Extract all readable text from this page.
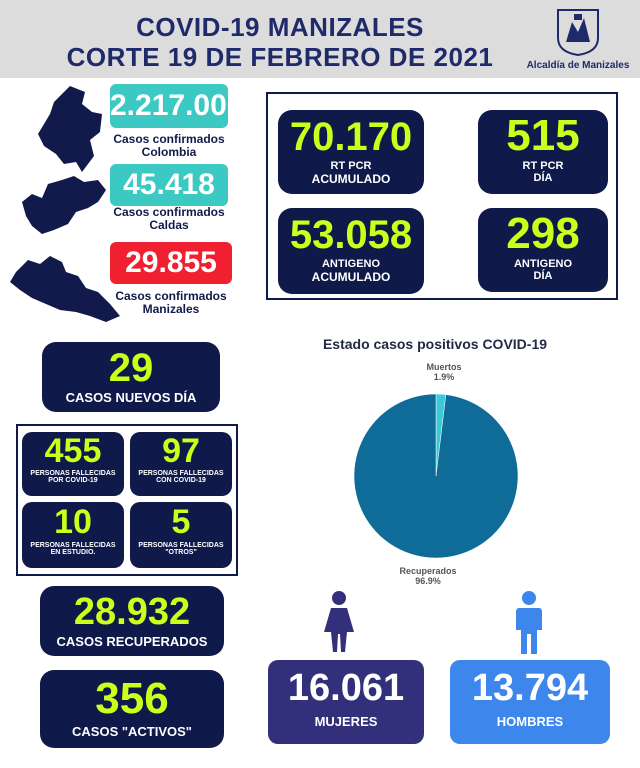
COVID-19 MANIZALES
CORTE 19 DE FEBRERO DE 2021	Alcaldía de Manizales
2.217.001
Casos confirmados
Colombia
45.418
Casos confirmados
Caldas
29.855
Casos confirmados
Manizales
70.170
RT PCR
ACUMULADO
515
RT PCR
DÍA
53.058
ANTIGENO
ACUMULADO
298
ANTIGENO
DÍA
29
CASOS NUEVOS DÍA
455
PERSONAS FALLECIDAS
POR COVID-19
97
PERSONAS FALLECIDAS
CON COVID-19
10
PERSONAS FALLECIDAS
EN ESTUDIO.
5
PERSONAS FALLECIDAS
"OTROS"
28.932
CASOS RECUPERADOS
356
CASOS "ACTIVOS"
Estado casos positivos COVID-19
Muertos
1.9%
Recuperados
96.9%
16.061
MUJERES
13.794
HOMBRES
